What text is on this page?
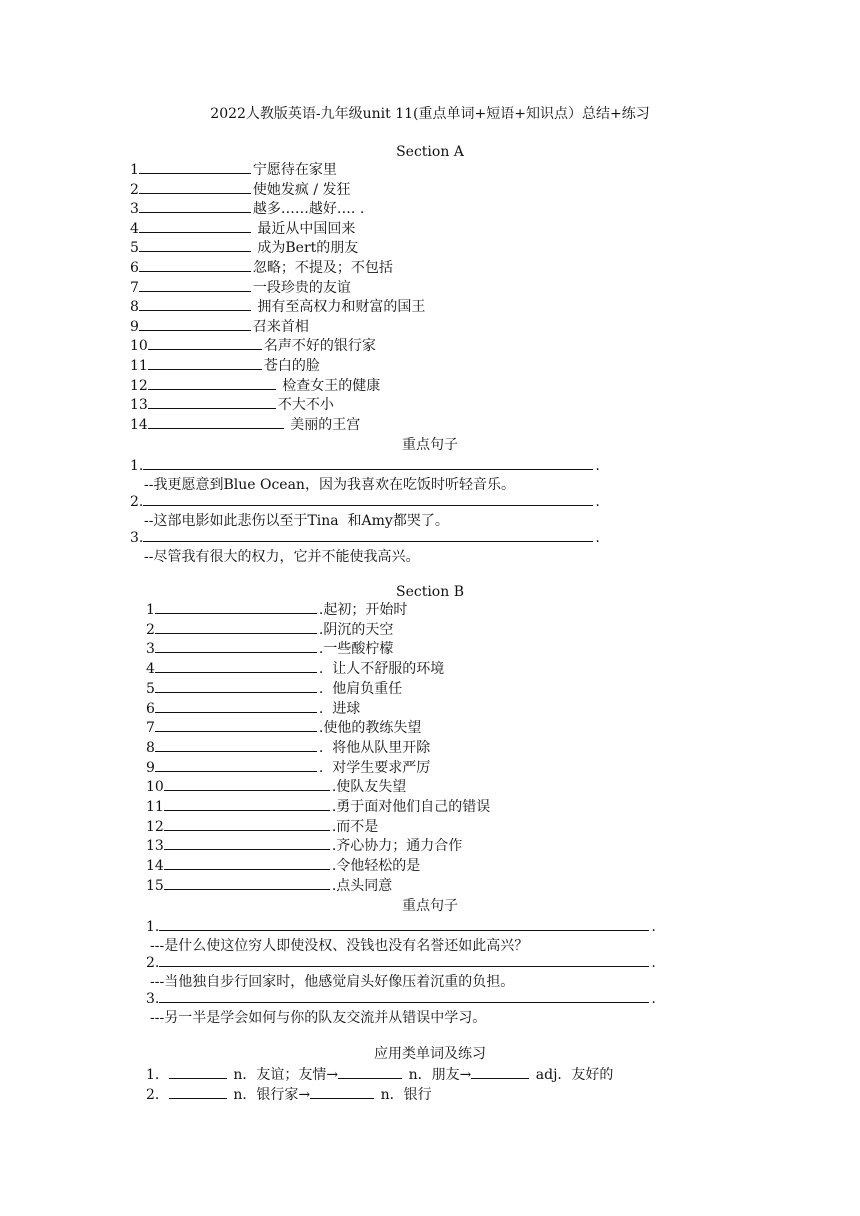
2022人教版英语-九年级unit 11(重点单词+短语+知识点）总结+练习
Section A
1	宁愿待在家里
2	使她发疯 / 发狂
3	越多……越好…. .
4	最近从中国回来
5	成为Bert的朋友
6	忽略；不提及；不包括
7	一段珍贵的友谊
8	拥有至高权力和财富的国王
9	召来首相
10	名声不好的银行家
11	苍白的脸
12	检查女王的健康
13	不大不小
14	美丽的王宫
重点句子
1.	.
--我更愿意到Blue Ocean，因为我喜欢在吃饭时听轻音乐。
2.	.
--这部电影如此悲伤以至于Tina  和Amy都哭了。
3.	.
--尽管我有很大的权力，它并不能使我高兴。
Section B
1	.起初；开始时
2	.阴沉的天空
3	.一些酸柠檬
4	.  让人不舒服的环境
5	.  他肩负重任
6	.  进球
7	.使他的教练失望
8	.  将他从队里开除
9	.  对学生要求严厉
10	.使队友失望
11	.勇于面对他们自己的错误
12	.而不是
13	.齐心协力；通力合作
14	.令他轻松的是
15	.点头同意
重点句子
1.	.
---是什么使这位穷人即使没权、没钱也没有名誉还如此高兴？
2.	.
---当他独自步行回家时，他感觉肩头好像压着沉重的负担。
3.	.
---另一半是学会如何与你的队友交流并从错误中学习。
应用类单词及练习
1．	n．友谊；友情→	n．朋友→	adj．友好的
2．	n．银行家→	n．银行
